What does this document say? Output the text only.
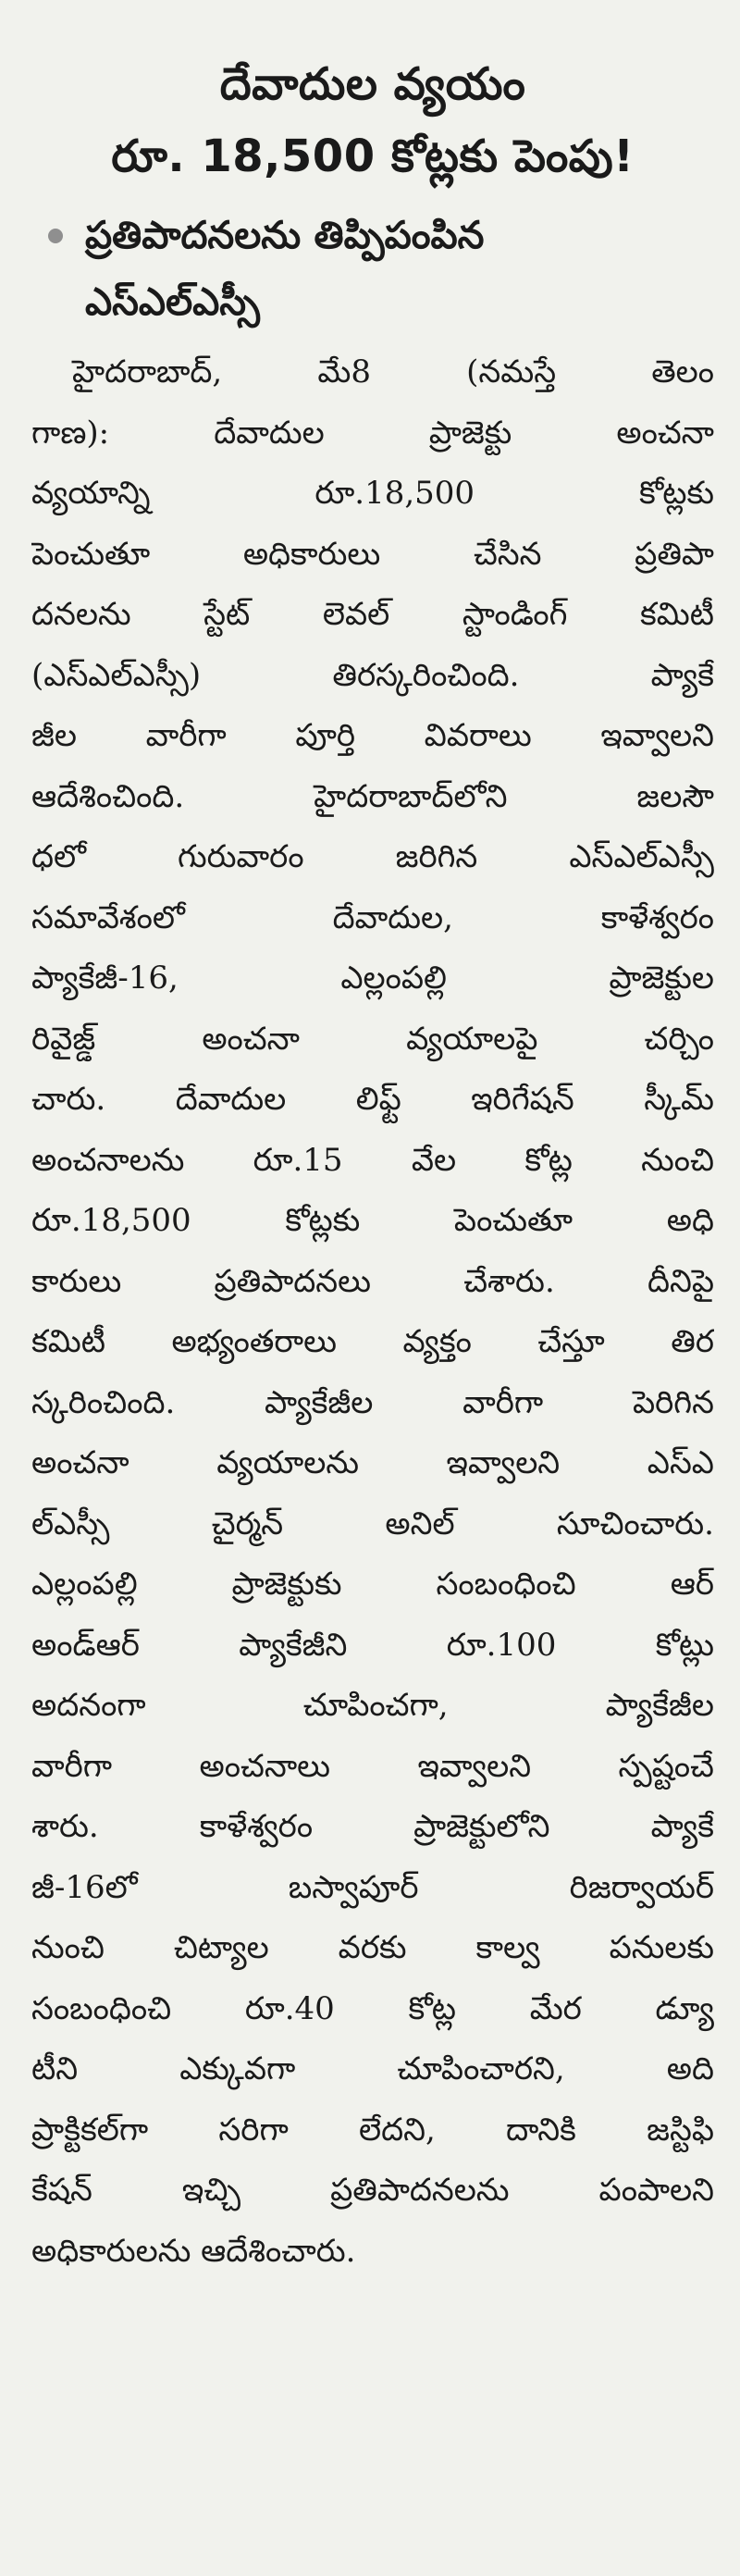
దేవాదుల వ్యయం
రూ. 18,500 కోట్లకు పెంపు!
ప్రతిపాదనలను తిప్పిపంపిన
ఎస్ఎల్ఎస్సీ
హైదరాబాద్, మే8 (నమస్తే తెలం
గాణ): దేవాదుల ప్రాజెక్టు అంచనా
వ్యయాన్ని రూ.18,500 కోట్లకు
పెంచుతూ అధికారులు చేసిన ప్రతిపా
దనలను స్టేట్ లెవల్ స్టాండింగ్ కమిటీ
(ఎస్ఎల్ఎస్సీ) తిరస్కరించింది. ప్యాకే
జీల వారీగా పూర్తి వివరాలు ఇవ్వాలని
ఆదేశించింది. హైదరాబాద్‌లోని జలసౌ
ధలో గురువారం జరిగిన ఎస్ఎల్ఎస్సీ
సమావేశంలో దేవాదుల, కాళేశ్వరం
ప్యాకేజీ-16, ఎల్లంపల్లి ప్రాజెక్టుల
రివైజ్డ్ అంచనా వ్యయాలపై చర్చిం
చారు. దేవాదుల లిఫ్ట్ ఇరిగేషన్ స్కీమ్
అంచనాలను రూ.15 వేల కోట్ల నుంచి
రూ.18,500 కోట్లకు పెంచుతూ అధి
కారులు ప్రతిపాదనలు చేశారు. దీనిపై
కమిటీ అభ్యంతరాలు వ్యక్తం చేస్తూ తిర
స్కరించింది. ప్యాకేజీల వారీగా పెరిగిన
అంచనా వ్యయాలను ఇవ్వాలని ఎస్ఎ
ల్ఎస్సీ చైర్మన్ అనిల్ సూచించారు.
ఎల్లంపల్లి ప్రాజెక్టుకు సంబంధించి ఆర్
అండ్ఆర్ ప్యాకేజీని రూ.100 కోట్లు
అదనంగా చూపించగా, ప్యాకేజీల
వారీగా అంచనాలు ఇవ్వాలని స్పష్టంచే
శారు. కాళేశ్వరం ప్రాజెక్టులోని ప్యాకే
జీ-16లో బస్వాపూర్ రిజర్వాయర్
నుంచి చిట్యాల వరకు కాల్వ పనులకు
సంబంధించి రూ.40 కోట్ల మేర డ్యూ
టీని ఎక్కువగా చూపించారని, అది
ప్రాక్టికల్‌గా సరిగా లేదని, దానికి జస్టిఫి
కేషన్ ఇచ్చి ప్రతిపాదనలను పంపాలని
అధికారులను ఆదేశించారు.
